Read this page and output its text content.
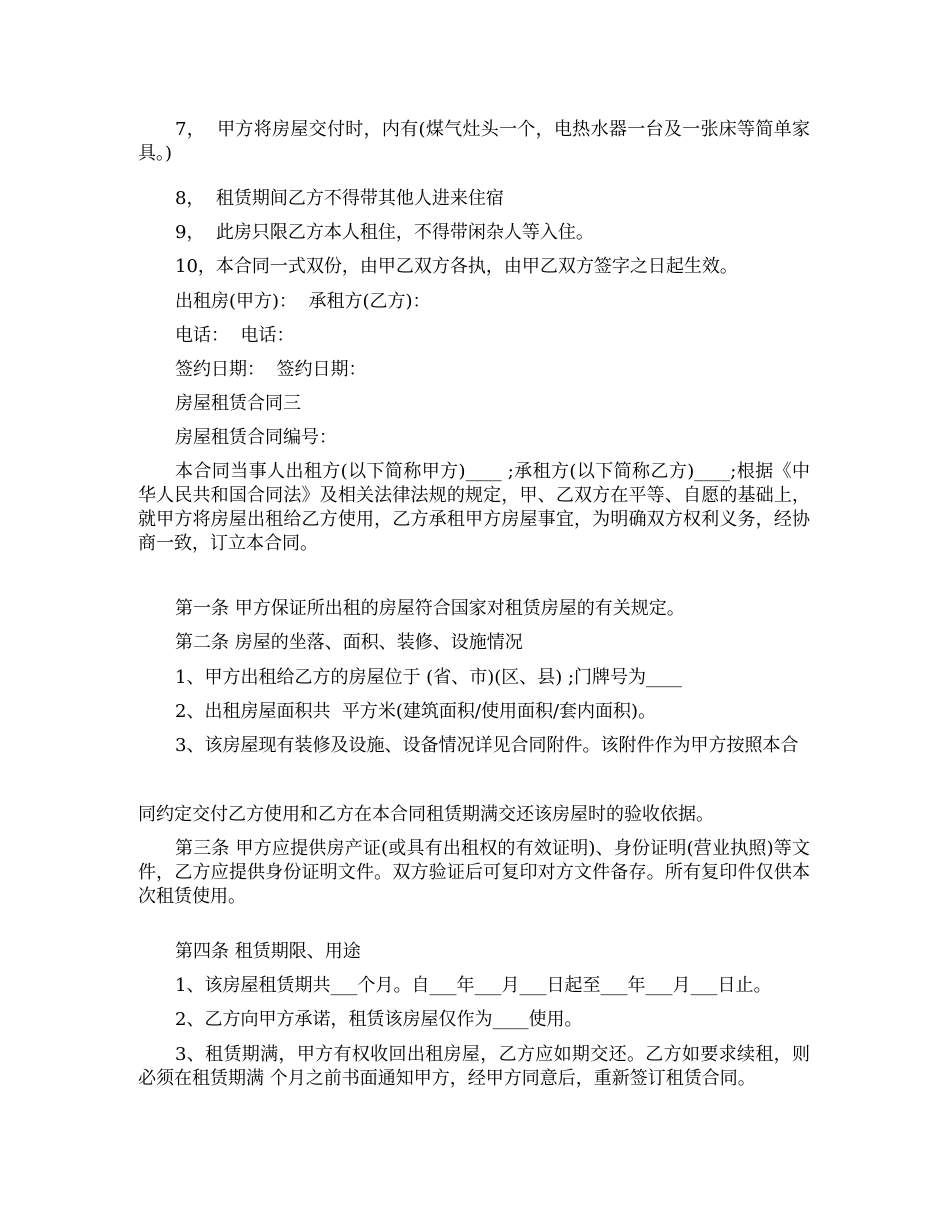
7，  甲方将房屋交付时，内有(煤气灶头一个，电热水器一台及一张床等简单家具。)

8，  租赁期间乙方不得带其他人进来住宿

9，  此房只限乙方本人租住，不得带闲杂人等入住。

10，本合同一式双份，由甲乙双方各执，由甲乙双方签字之日起生效。

出租房(甲方)：  承租方(乙方)：

电话：  电话：

签约日期：  签约日期：

房屋租赁合同三

房屋租赁合同编号：

本合同当事人出租方(以下简称甲方)____ ;承租方(以下简称乙方)____;根据《中华人民共和国合同法》及相关法律法规的规定，甲、乙双方在平等、自愿的基础上，就甲方将房屋出租给乙方使用，乙方承租甲方房屋事宜，为明确双方权利义务，经协商一致，订立本合同。

第一条 甲方保证所出租的房屋符合国家对租赁房屋的有关规定。

第二条 房屋的坐落、面积、装修、设施情况

1、甲方出租给乙方的房屋位于 (省、市)(区、县) ;门牌号为____

2、出租房屋面积共  平方米(建筑面积/使用面积/套内面积)。

3、该房屋现有装修及设施、设备情况详见合同附件。该附件作为甲方按照本合

同约定交付乙方使用和乙方在本合同租赁期满交还该房屋时的验收依据。

第三条 甲方应提供房产证(或具有出租权的有效证明)、身份证明(营业执照)等文件，乙方应提供身份证明文件。双方验证后可复印对方文件备存。所有复印件仅供本次租赁使用。

第四条 租赁期限、用途

1、该房屋租赁期共___个月。自___年___月___日起至___年___月___日止。

2、乙方向甲方承诺，租赁该房屋仅作为____使用。

3、租赁期满，甲方有权收回出租房屋，乙方应如期交还。乙方如要求续租，则 必须在租赁期满 个月之前书面通知甲方，经甲方同意后，重新签订租赁合同。
